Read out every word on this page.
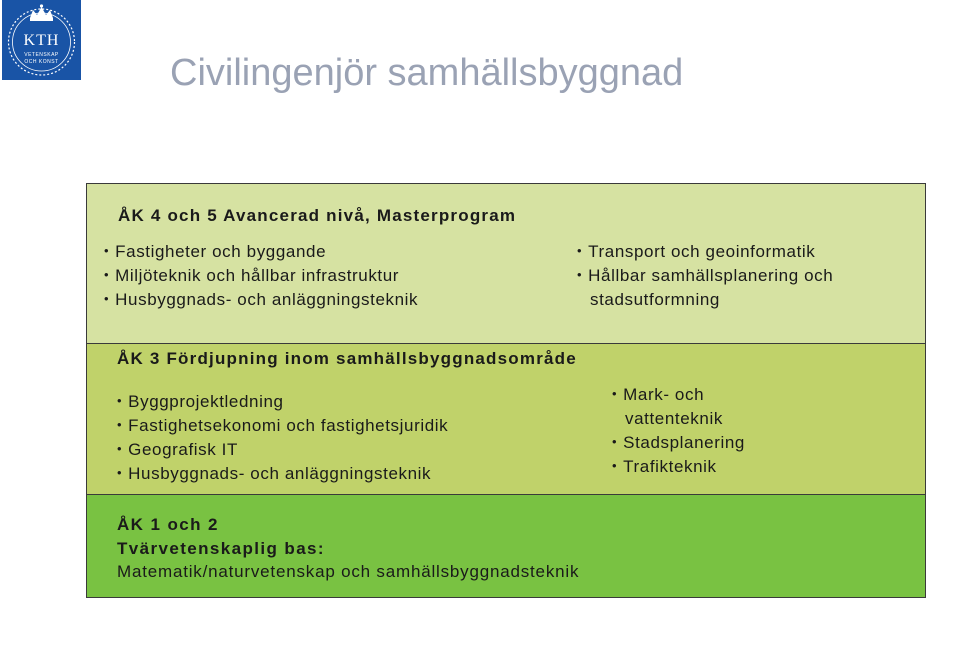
KTH
VETENSKAP
OCH KONST	Civilingenjör samhällsbyggnad
ÅK 4 och 5 Avancerad nivå, Masterprogram
• Fastigheter och byggande
• Miljöteknik och hållbar infrastruktur
• Husbyggnads- och anläggningsteknik
• Transport och geoinformatik
• Hållbar samhällsplanering och
stadsutformning
ÅK 3 Fördjupning inom samhällsbyggnadsområde
• Byggprojektledning
• Fastighetsekonomi och fastighetsjuridik
• Geografisk IT
• Husbyggnads- och anläggningsteknik
• Mark- och
vattenteknik
• Stadsplanering
• Trafikteknik

ÅK 1 och 2

Tvärvetenskaplig bas:

Matematik/naturvetenskap och samhällsbyggnadsteknik
